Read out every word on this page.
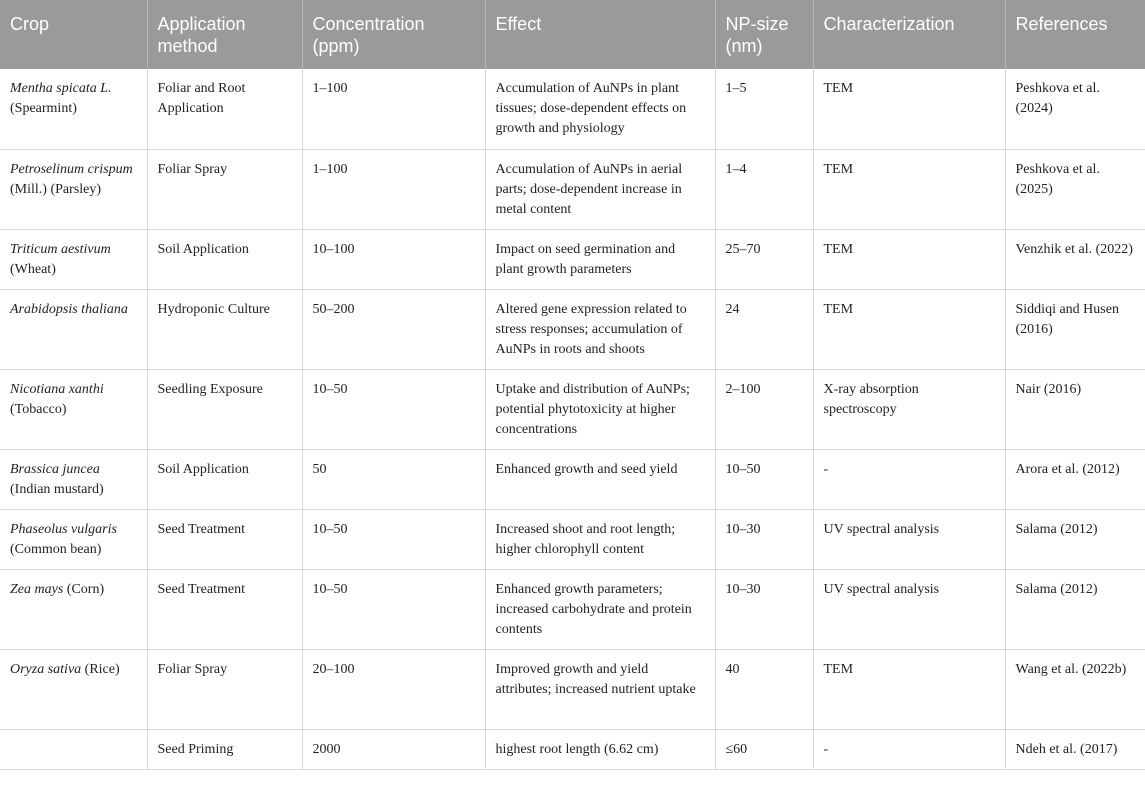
Crop	Application method	Concentration (ppm)	Effect	NP-size (nm)	Characterization	References
Mentha spicata L. (Spearmint)	Foliar and Root Application	1–100	Accumulation of AuNPs in plant tissues; dose-dependent effects on growth and physiology	1–5	TEM	Peshkova et al. (2024)
Petroselinum crispum (Mill.) (Parsley)	Foliar Spray	1–100	Accumulation of AuNPs in aerial parts; dose-dependent increase in metal content	1–4	TEM	Peshkova et al. (2025)
Triticum aestivum (Wheat)	Soil Application	10–100	Impact on seed germination and plant growth parameters	25–70	TEM	Venzhik et al. (2022)
Arabidopsis thaliana	Hydroponic Culture	50–200	Altered gene expression related to stress responses; accumulation of AuNPs in roots and shoots	24	TEM	Siddiqi and Husen (2016)
Nicotiana xanthi (Tobacco)	Seedling Exposure	10–50	Uptake and distribution of AuNPs; potential phytotoxicity at higher concentrations	2–100	X-ray absorption spectroscopy	Nair (2016)
Brassica juncea (Indian mustard)	Soil Application	50	Enhanced growth and seed yield	10–50	-	Arora et al. (2012)
Phaseolus vulgaris (Common bean)	Seed Treatment	10–50	Increased shoot and root length; higher chlorophyll content	10–30	UV spectral analysis	Salama (2012)
Zea mays (Corn)	Seed Treatment	10–50	Enhanced growth parameters; increased carbohydrate and protein contents	10–30	UV spectral analysis	Salama (2012)
Oryza sativa (Rice)	Foliar Spray	20–100	Improved growth and yield attributes; increased nutrient uptake	40	TEM	Wang et al. (2022b)
	Seed Priming	2000	highest root length (6.62 cm)	≤60	-	Ndeh et al. (2017)
